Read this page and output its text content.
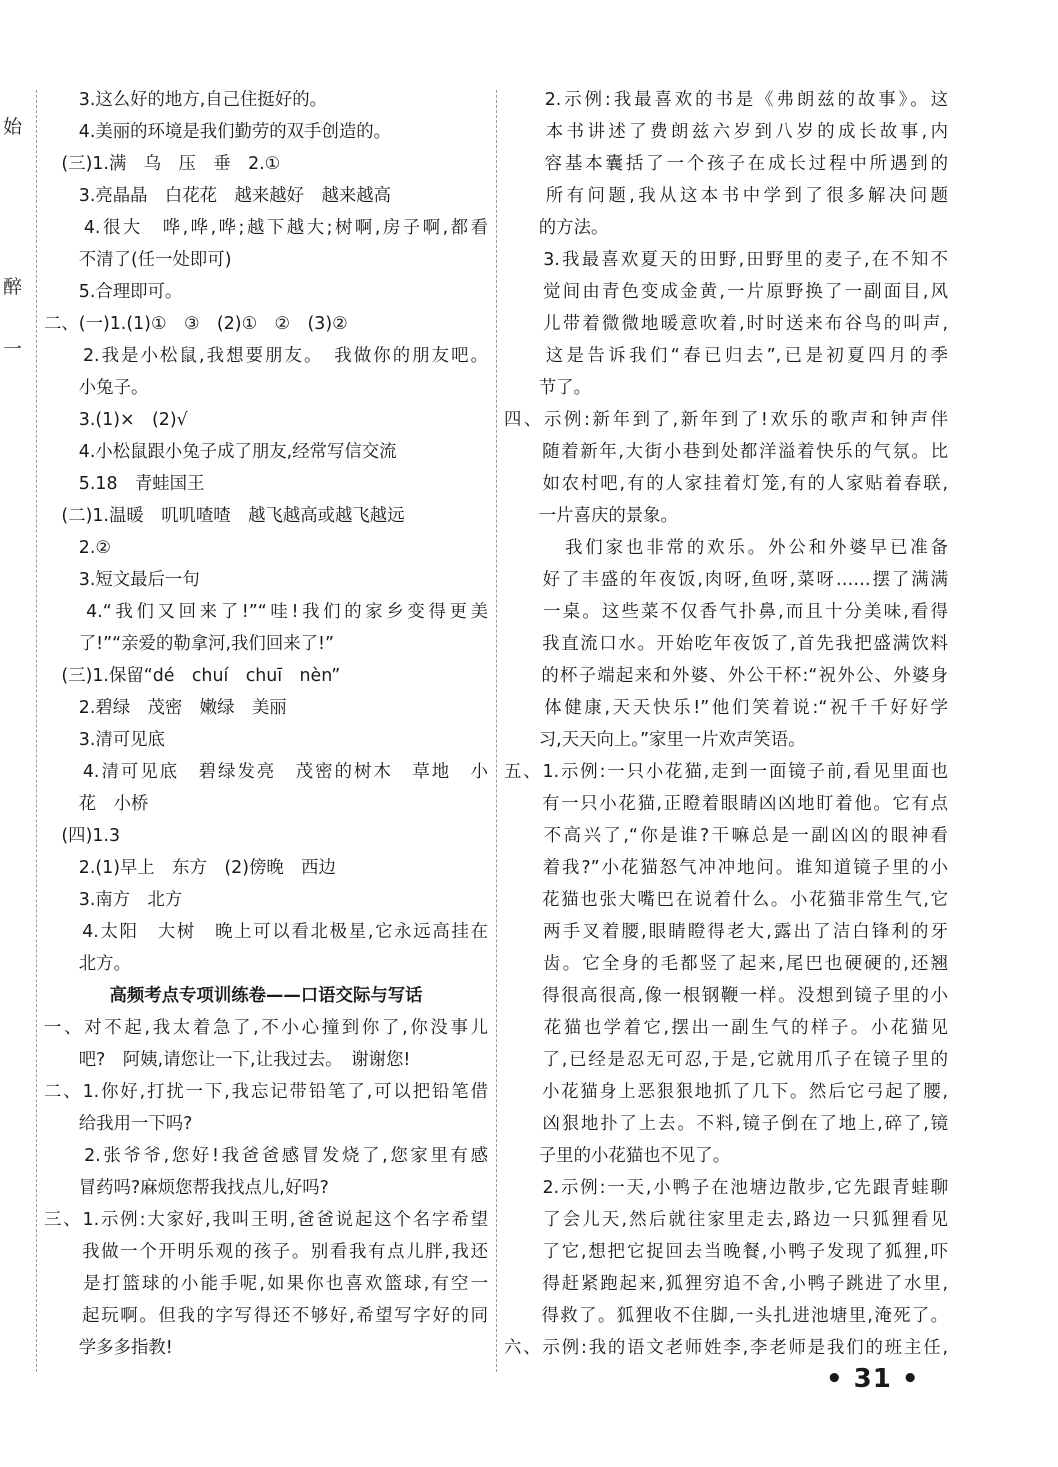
始
醉
一
　　3.这么好的地方,自己住挺好的。
　　4.美丽的环境是我们勤劳的双手创造的。
　(三)1.满　乌　压　垂　2.①
　　3.亮晶晶　白花花　越来越好　越来越高
　　4.很大　哗,哗,哗;越下越大;树啊,房子啊,都看
　　不清了(任一处即可)
　　5.合理即可。
二、(一)1.(1)①　③　(2)①　②　(3)②
　　2.我是小松鼠,我想要朋友。　我做你的朋友吧。
　　小兔子。
　　3.(1)×　(2)√
　　4.小松鼠跟小兔子成了朋友,经常写信交流
　　5.18　青蛙国王
　(二)1.温暖　叽叽喳喳　越飞越高或越飞越远
　　2.②
　　3.短文最后一句
　　4.“我们又回来了!”“哇!我们的家乡变得更美
　　了!”“亲爱的勒拿河,我们回来了!”
　(三)1.保留“dé　chuí　chuī　nèn”
　　2.碧绿　茂密　嫩绿　美丽
　　3.清可见底
　　4.清可见底　碧绿发亮　茂密的树木　草地　小
　　花　小桥
　(四)1.3
　　2.(1)早上　东方　(2)傍晚　西边
　　3.南方　北方
　　4.太阳　大树　晚上可以看北极星,它永远高挂在
　　北方。
高频考点专项训练卷——口语交际与写话
一、对不起,我太着急了,不小心撞到你了,你没事儿
　　吧?　阿姨,请您让一下,让我过去。　谢谢您!
二、1.你好,打扰一下,我忘记带铅笔了,可以把铅笔借
　　给我用一下吗?
　　2.张爷爷,您好!我爸爸感冒发烧了,您家里有感
　　冒药吗?麻烦您帮我找点儿,好吗?
三、1.示例:大家好,我叫王明,爸爸说起这个名字希望
　　我做一个开明乐观的孩子。别看我有点儿胖,我还
　　是打篮球的小能手呢,如果你也喜欢篮球,有空一
　　起玩啊。但我的字写得还不够好,希望写字好的同
　　学多多指教!
　　2.示例:我最喜欢的书是《弗朗兹的故事》。这
　　本书讲述了费朗兹六岁到八岁的成长故事,内
　　容基本囊括了一个孩子在成长过程中所遇到的
　　所有问题,我从这本书中学到了很多解决问题
　　的方法。
　　3.我最喜欢夏天的田野,田野里的麦子,在不知不
　　觉间由青色变成金黄,一片原野换了一副面目,风
　　儿带着微微地暖意吹着,时时送来布谷鸟的叫声,
　　这是告诉我们“春已归去”,已是初夏四月的季
　　节了。
四、示例:新年到了,新年到了!欢乐的歌声和钟声伴
　　随着新年,大街小巷到处都洋溢着快乐的气氛。比
　　如农村吧,有的人家挂着灯笼,有的人家贴着春联,
　　一片喜庆的景象。
　　　我们家也非常的欢乐。外公和外婆早已准备
　　好了丰盛的年夜饭,肉呀,鱼呀,菜呀……摆了满满
　　一桌。这些菜不仅香气扑鼻,而且十分美味,看得
　　我直流口水。开始吃年夜饭了,首先我把盛满饮料
　　的杯子端起来和外婆、外公干杯:“祝外公、外婆身
　　体健康,天天快乐!”他们笑着说:“祝千千好好学
　　习,天天向上。”家里一片欢声笑语。
五、1.示例:一只小花猫,走到一面镜子前,看见里面也
　　有一只小花猫,正瞪着眼睛凶凶地盯着他。它有点
　　不高兴了,“你是谁?干嘛总是一副凶凶的眼神看
　　着我?”小花猫怒气冲冲地问。谁知道镜子里的小
　　花猫也张大嘴巴在说着什么。小花猫非常生气,它
　　两手叉着腰,眼睛瞪得老大,露出了洁白锋利的牙
　　齿。它全身的毛都竖了起来,尾巴也硬硬的,还翘
　　得很高很高,像一根钢鞭一样。没想到镜子里的小
　　花猫也学着它,摆出一副生气的样子。小花猫见
　　了,已经是忍无可忍,于是,它就用爪子在镜子里的
　　小花猫身上恶狠狠地抓了几下。然后它弓起了腰,
　　凶狠地扑了上去。不料,镜子倒在了地上,碎了,镜
　　子里的小花猫也不见了。
　　2.示例:一天,小鸭子在池塘边散步,它先跟青蛙聊
　　了会儿天,然后就往家里走去,路边一只狐狸看见
　　了它,想把它捉回去当晚餐,小鸭子发现了狐狸,吓
　　得赶紧跑起来,狐狸穷追不舍,小鸭子跳进了水里,
　　得救了。狐狸收不住脚,一头扎进池塘里,淹死了。
六、示例:我的语文老师姓李,李老师是我们的班主任,
• 31 •
